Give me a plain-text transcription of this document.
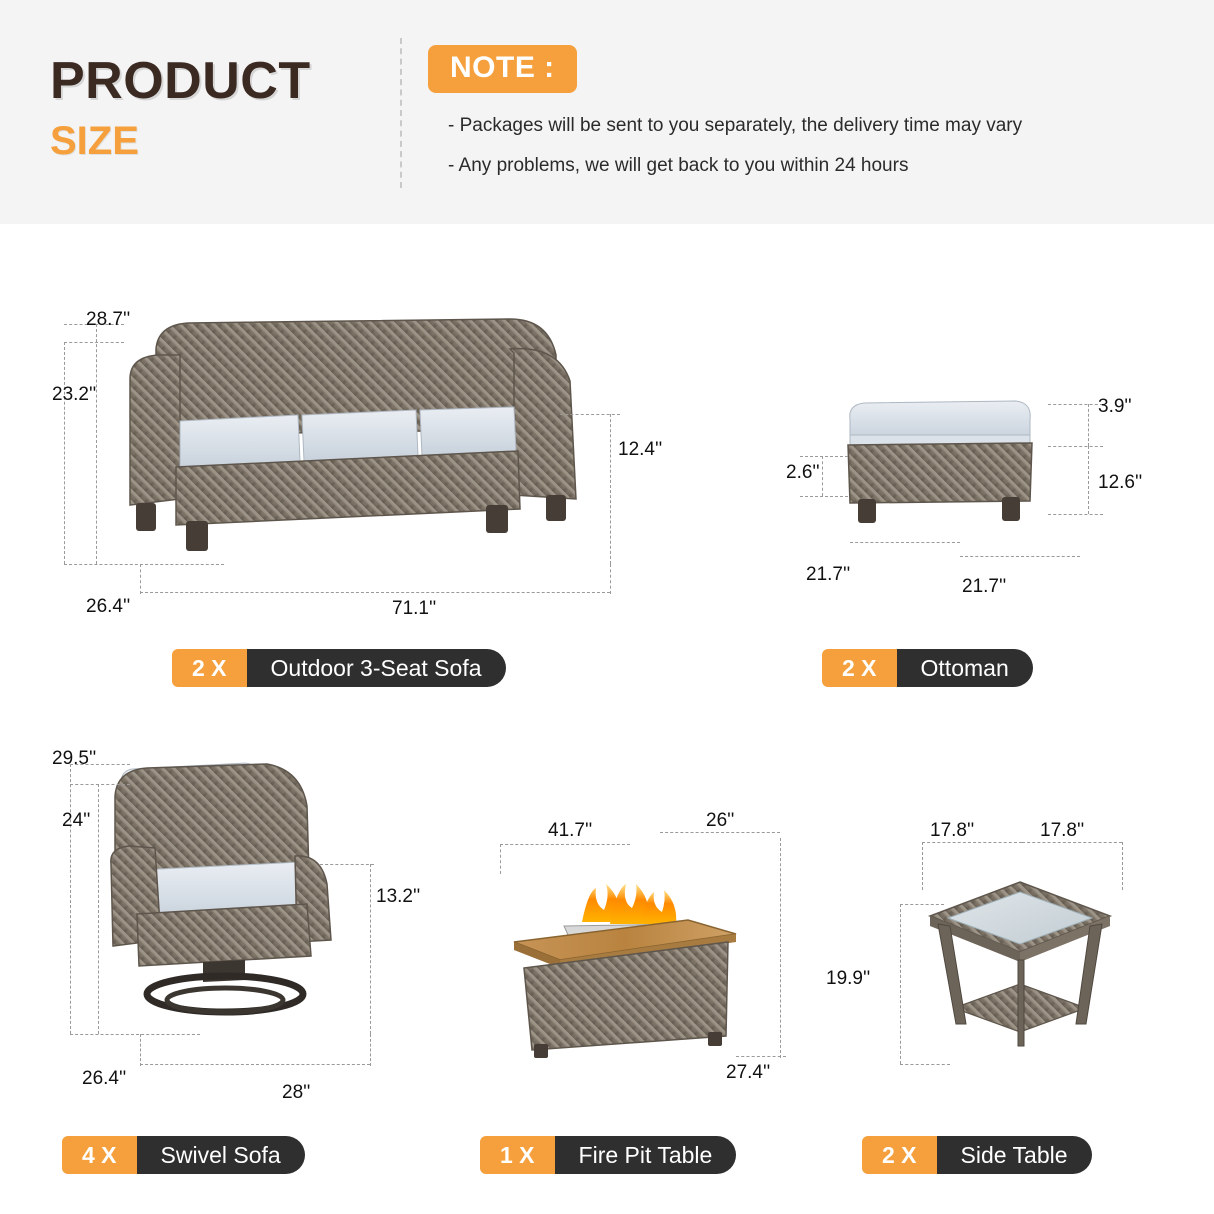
PRODUCT
SIZE
NOTE :
- Packages will be sent to you separately, the delivery time may vary
- Any problems, we will get back to you within 24 hours
28.7''
23.2''
12.4''
26.4''	71.1''
2 X	Outdoor 3-Seat Sofa
3.9''
2.6''	12.6''
21.7''
21.7''
2 X	Ottoman
29.5''
24''
13.2''
26.4''
28''
4 X	Swivel Sofa
41.7''	26''
27.4''
1 X	Fire Pit Table
17.8''	17.8''
19.9''
2 X	Side Table
